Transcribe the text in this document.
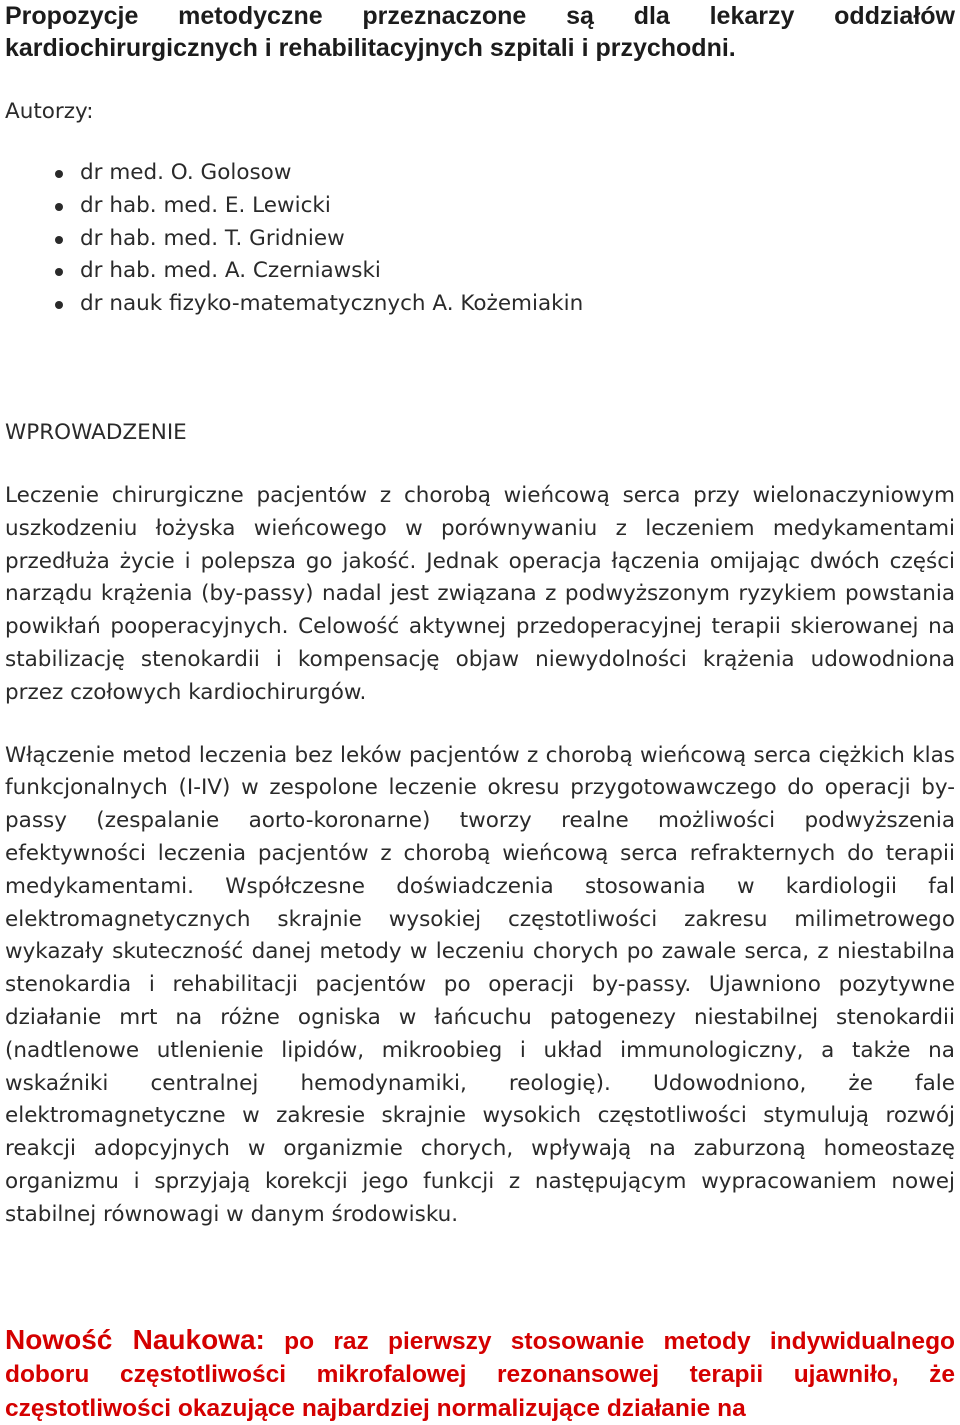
Propozycje metodyczne przeznaczone są dla lekarzy oddziałów kardiochirurgicznych i rehabilitacyjnych szpitali i przychodni.

Autorzy:

dr med. O. Golosow
dr hab. med. E. Lewicki
dr hab. med. T. Gridniew
dr hab. med. A. Czerniawski
dr nauk fizyko-matematycznych A. Kożemiakin
WPROWADZENIE

Leczenie chirurgiczne pacjentów z chorobą wieńcową serca przy wielonaczyniowym uszkodzeniu łożyska wieńcowego w porównywaniu z leczeniem medykamentami przedłuża życie i polepsza go jakość. Jednak operacja łączenia omijając dwóch części narządu krążenia (by-passy) nadal jest związana z podwyższonym ryzykiem powstania powikłań pooperacyjnych. Celowość aktywnej przedoperacyjnej terapii skierowanej na stabilizację stenokardii i kompensację objaw niewydolności krążenia udowodniona przez czołowych kardiochirurgów.

Włączenie metod leczenia bez leków pacjentów z chorobą wieńcową serca ciężkich klas funkcjonalnych (I-IV) w zespolone leczenie okresu przygotowawczego do operacji by-passy (zespalanie aorto-koronarne) tworzy realne możliwości podwyższenia efektywności leczenia pacjentów z chorobą wieńcową serca refrakternych do terapii medykamentami. Współczesne doświadczenia stosowania w kardiologii fal elektromagnetycznych skrajnie wysokiej częstotliwości zakresu milimetrowego wykazały skuteczność danej metody w leczeniu chorych po zawale serca, z niestabilna stenokardia i rehabilitacji pacjentów po operacji by-passy. Ujawniono pozytywne działanie mrt na różne ogniska w łańcuchu patogenezy niestabilnej stenokardii (nadtlenowe utlenienie lipidów, mikroobieg i układ immunologiczny, a także na wskaźniki centralnej hemodynamiki, reologię). Udowodniono, że fale elektromagnetyczne w zakresie skrajnie wysokich częstotliwości stymulują rozwój reakcji adopcyjnych w organizmie chorych, wpływają na zaburzoną homeostazę organizmu i sprzyjają korekcji jego funkcji z następującym wypracowaniem nowej stabilnej równowagi w danym środowisku.

Nowość Naukowa: po raz pierwszy stosowanie metody indywidualnego doboru częstotliwości mikrofalowej rezonansowej terapii ujawniło, że częstotliwości okazujące najbardziej normalizujące działanie na
